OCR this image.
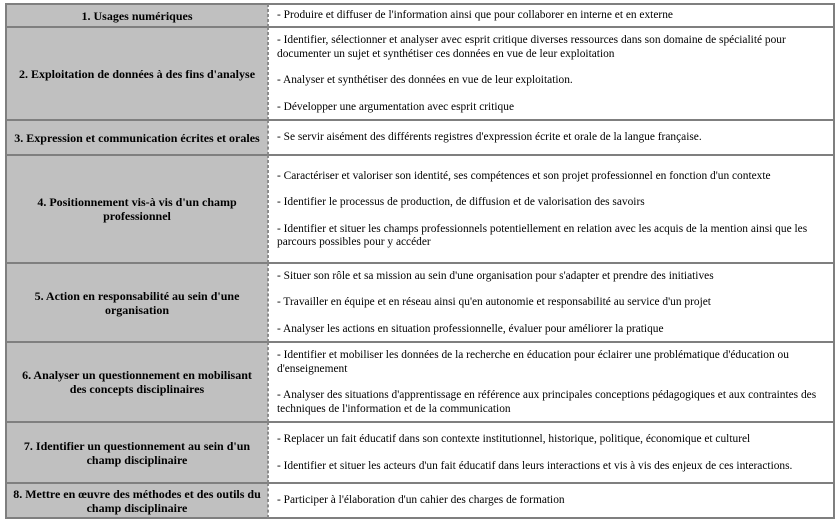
1. Usages numériques	- Produire et diffuser de l'information ainsi que pour collaborer en interne et en externe

2. Exploitation de données à des fins d'analyse	- Identifier, sélectionner et analyser avec esprit critique diverses ressources dans son domaine de spécialité pour documenter un sujet et synthétiser ces données en vue de leur exploitation

- Analyser et synthétiser des données en vue de leur exploitation.

- Développer une argumentation avec esprit critique

3. Expression et communication écrites et orales	- Se servir aisément des différents registres d'expression écrite et orale de la langue française.

4. Positionnement vis-à vis d'un champ professionnel	- Caractériser et valoriser son identité, ses compétences et son projet professionnel en fonction d'un contexte

- Identifier le processus de production, de diffusion et de valorisation des savoirs

- Identifier et situer les champs professionnels potentiellement en relation avec les acquis de la mention ainsi que les parcours possibles pour y accéder

5. Action en responsabilité au sein d'une organisation	- Situer son rôle et sa mission au sein d'une organisation pour s'adapter et prendre des initiatives

- Travailler en équipe et en réseau ainsi qu'en autonomie et responsabilité au service d'un projet

- Analyser les actions en situation professionnelle, évaluer pour améliorer la pratique

6. Analyser un questionnement en mobilisant des concepts disciplinaires	- Identifier et mobiliser les données de la recherche en éducation pour éclairer une problématique d'éducation ou d'enseignement

- Analyser des situations d'apprentissage en référence aux principales conceptions pédagogiques et aux contraintes des techniques de l'information et de la communication

7. Identifier un questionnement au sein d'un champ disciplinaire	- Replacer un fait éducatif dans son contexte institutionnel, historique, politique, économique et culturel

- Identifier et situer les acteurs d'un fait éducatif dans leurs interactions et vis à vis des enjeux de ces interactions.

8. Mettre en œuvre des méthodes et des outils du champ disciplinaire	- Participer à l'élaboration d'un cahier des charges de formation
